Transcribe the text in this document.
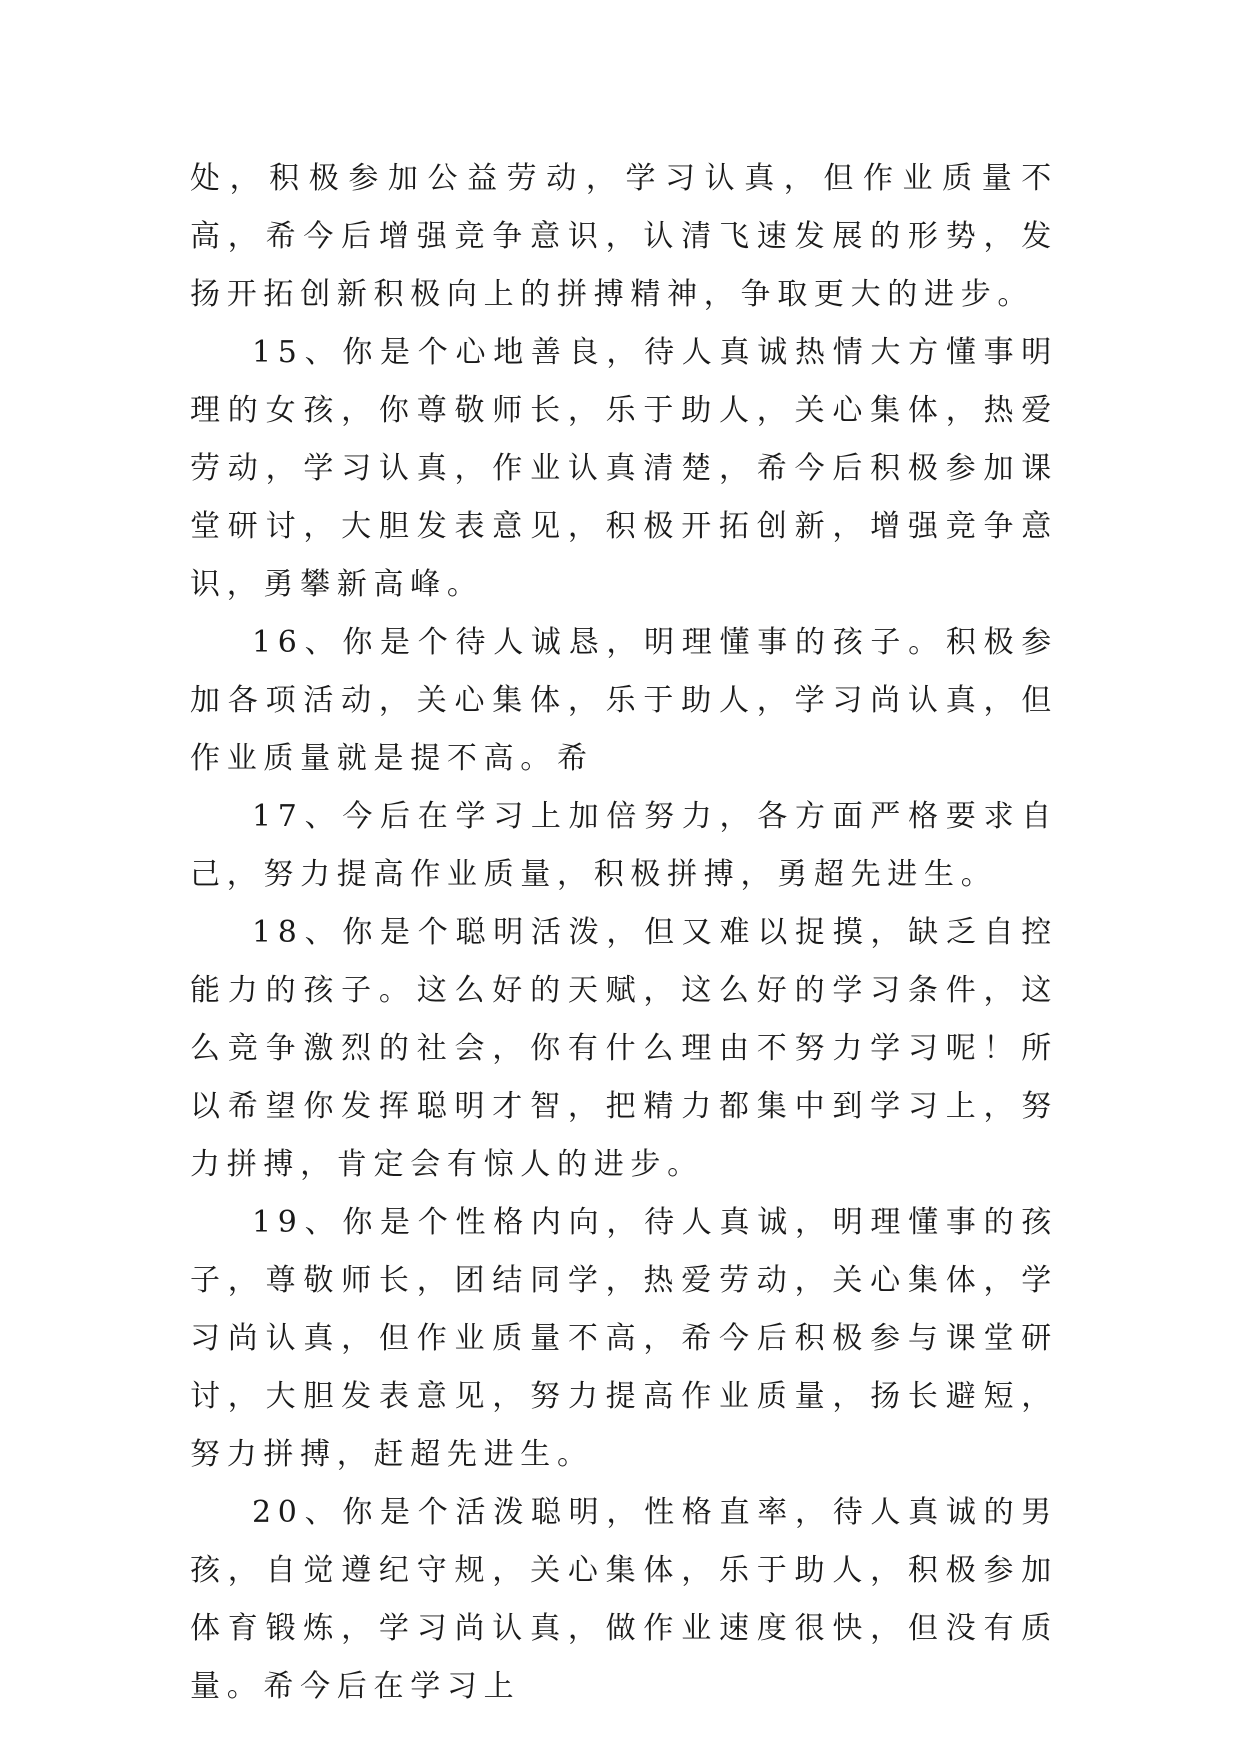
处，积极参加公益劳动，学习认真，但作业质量不高，希今后增强竞争意识，认清飞速发展的形势，发扬开拓创新积极向上的拼搏精神，争取更大的进步。

15、你是个心地善良，待人真诚热情大方懂事明理的女孩，你尊敬师长，乐于助人，关心集体，热爱劳动，学习认真，作业认真清楚，希今后积极参加课堂研讨，大胆发表意见，积极开拓创新，增强竞争意识，勇攀新高峰。

16、你是个待人诚恳，明理懂事的孩子。积极参加各项活动，关心集体，乐于助人，学习尚认真，但作业质量就是提不高。希

17、今后在学习上加倍努力，各方面严格要求自己，努力提高作业质量，积极拼搏，勇超先进生。

18、你是个聪明活泼，但又难以捉摸，缺乏自控能力的孩子。这么好的天赋，这么好的学习条件，这么竞争激烈的社会，你有什么理由不努力学习呢！所以希望你发挥聪明才智，把精力都集中到学习上，努力拼搏，肯定会有惊人的进步。

19、你是个性格内向，待人真诚，明理懂事的孩子，尊敬师长，团结同学，热爱劳动，关心集体，学习尚认真，但作业质量不高，希今后积极参与课堂研讨，大胆发表意见，努力提高作业质量，扬长避短，努力拼搏，赶超先进生。

20、你是个活泼聪明，性格直率，待人真诚的男孩，自觉遵纪守规，关心集体，乐于助人，积极参加体育锻炼，学习尚认真，做作业速度很快，但没有质量。希今后在学习上
